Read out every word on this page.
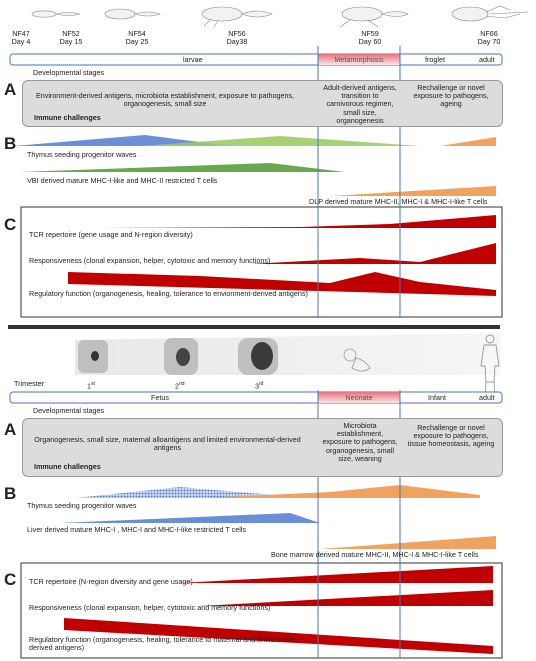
NF47
Day 4
NF52
Day 15
NF54
Day 25
NF56
Day38
NF59
Day 60
NF66
Day 70
larvae	Metamorphosis	froglet	adult
Developmental stages
A	Environment-derived antigens, microbiota establishment, exposure to pathogens, organogenesis, small size
Adult-derived antigens, transition to carnivorous regimen, small size, organogenesis
Rechallenge or novel exposure to pathogens, ageing
Immune challenges
B
Thymus seeding progenitor waves
VBI derived mature MHC-I-like and MHC-II restricted T cells
DLP derived mature MHC-II, MHC-I & MHC-I-like T cells
C
TCR repertoire (gene usage and N-region diversity)
Responsiveness (clonal expansion, helper, cytotoxic and memory functions)
Regulatory function (organogenesis, healing, tolerance to envionment-derived antigens)
Trimester	1st	2nd	3rd
Fetus	Neonate	Infant	adult
Developmental stages
A
Organogenesis, small size, maternal alloantigens and limited environmental-derived antigens
Microbiota establishment, exposure to pathogens, organogenesis, small size, weaning
Rechallenge or novel exposure to pathogens, tissue homeostasis, ageing
Immune challenges
B
Thymus seeding progenitor waves
Liver derived mature MHC-I , MHC-I and MHC-I-like restricted T cells
Bone marrow derived mature MHC-II, MHC-I & MHC-I-like T cells
C TCR repertoire (N-region diversity and gene usage)
Responsiveness (clonal expansion, helper, cytotoxic and memory functions)
Regulatory function (organogenesis, healing, tolerance to maternal and envionment-derived antigens)
